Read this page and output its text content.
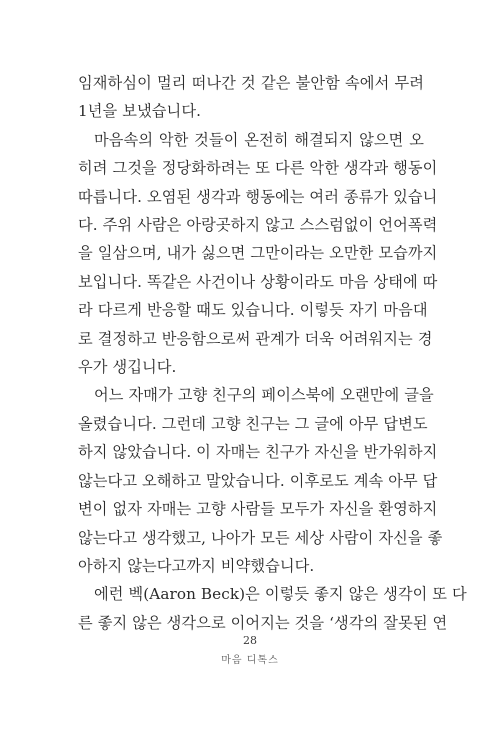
임재하심이 멀리 떠나간 것 같은 불안함 속에서 무려
1년을 보냈습니다.
마음속의 악한 것들이 온전히 해결되지 않으면 오
히려 그것을 정당화하려는 또 다른 악한 생각과 행동이
따릅니다. 오염된 생각과 행동에는 여러 종류가 있습니
다. 주위 사람은 아랑곳하지 않고 스스럼없이 언어폭력
을 일삼으며, 내가 싫으면 그만이라는 오만한 모습까지
보입니다. 똑같은 사건이나 상황이라도 마음 상태에 따
라 다르게 반응할 때도 있습니다. 이렇듯 자기 마음대
로 결정하고 반응함으로써 관계가 더욱 어려워지는 경
우가 생깁니다.
어느 자매가 고향 친구의 페이스북에 오랜만에 글을
올렸습니다. 그런데 고향 친구는 그 글에 아무 답변도
하지 않았습니다. 이 자매는 친구가 자신을 반가워하지
않는다고 오해하고 말았습니다. 이후로도 계속 아무 답
변이 없자 자매는 고향 사람들 모두가 자신을 환영하지
않는다고 생각했고, 나아가 모든 세상 사람이 자신을 좋
아하지 않는다고까지 비약했습니다.
에런 벡(Aaron Beck)은 이렇듯 좋지 않은 생각이 또 다
른 좋지 않은 생각으로 이어지는 것을 ‘생각의 잘못된 연
28
마음 디톡스
